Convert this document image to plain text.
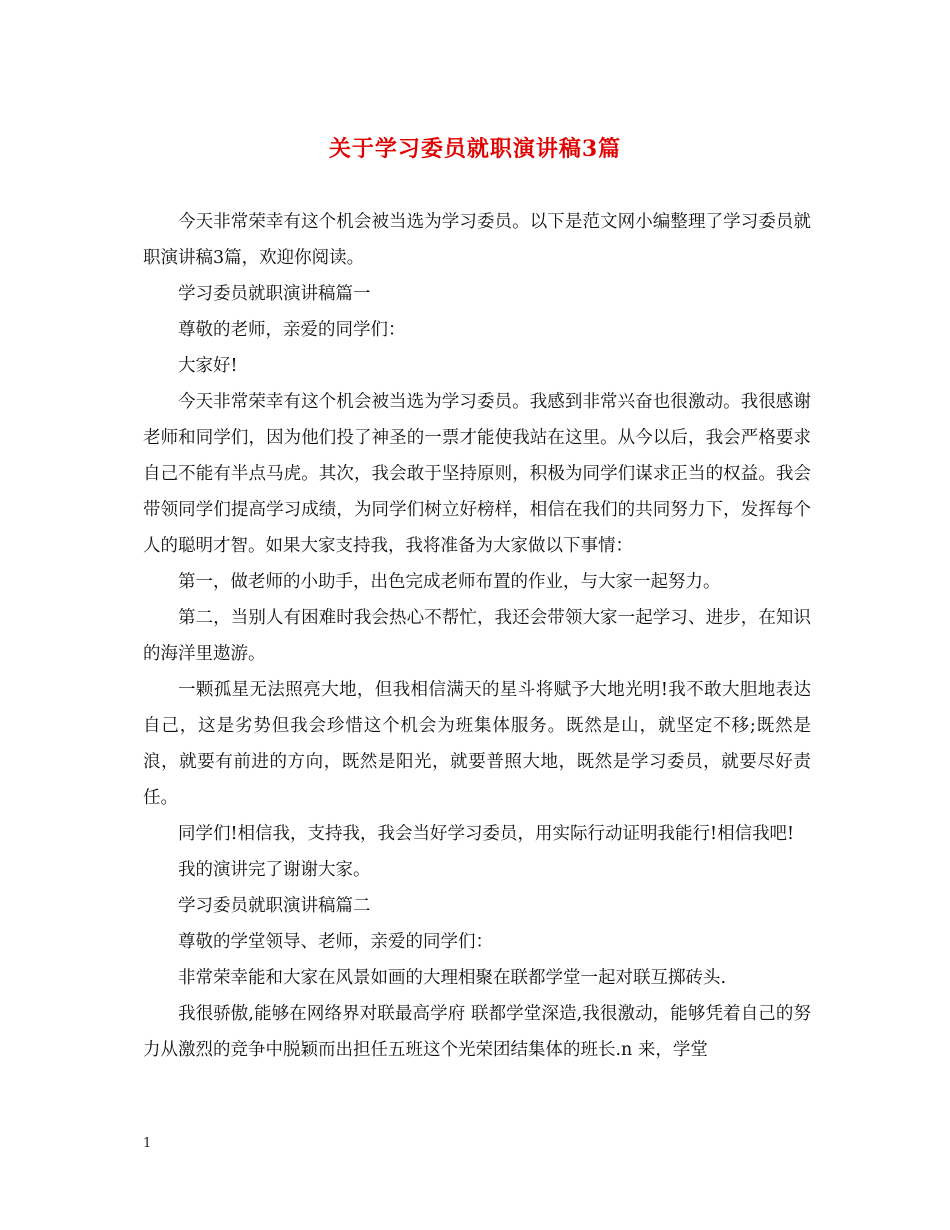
关于学习委员就职演讲稿3篇

今天非常荣幸有这个机会被当选为学习委员。以下是范文网小编整理了学习委员就职演讲稿3篇，欢迎你阅读。

学习委员就职演讲稿篇一

尊敬的老师，亲爱的同学们：

大家好!

今天非常荣幸有这个机会被当选为学习委员。我感到非常兴奋也很激动。我很感谢老师和同学们，因为他们投了神圣的一票才能使我站在这里。从今以后，我会严格要求自己不能有半点马虎。其次，我会敢于坚持原则，积极为同学们谋求正当的权益。我会带领同学们提高学习成绩，为同学们树立好榜样，相信在我们的共同努力下，发挥每个人的聪明才智。如果大家支持我，我将准备为大家做以下事情：

第一，做老师的小助手，出色完成老师布置的作业，与大家一起努力。

第二，当别人有困难时我会热心不帮忙，我还会带领大家一起学习、进步，在知识的海洋里遨游。

一颗孤星无法照亮大地，但我相信满天的星斗将赋予大地光明!我不敢大胆地表达自己，这是劣势但我会珍惜这个机会为班集体服务。既然是山，就坚定不移;既然是浪，就要有前进的方向，既然是阳光，就要普照大地，既然是学习委员，就要尽好责任。

同学们!相信我，支持我，我会当好学习委员，用实际行动证明我能行!相信我吧!

我的演讲完了谢谢大家。

学习委员就职演讲稿篇二

尊敬的学堂领导、老师，亲爱的同学们：

非常荣幸能和大家在风景如画的大理相聚在联都学堂一起对联互掷砖头.

我很骄傲,能够在网络界对联最高学府 联都学堂深造,我很激动，能够凭着自己的努力从激烈的竞争中脱颖而出担任五班这个光荣团结集体的班长.n 来，学堂

1
